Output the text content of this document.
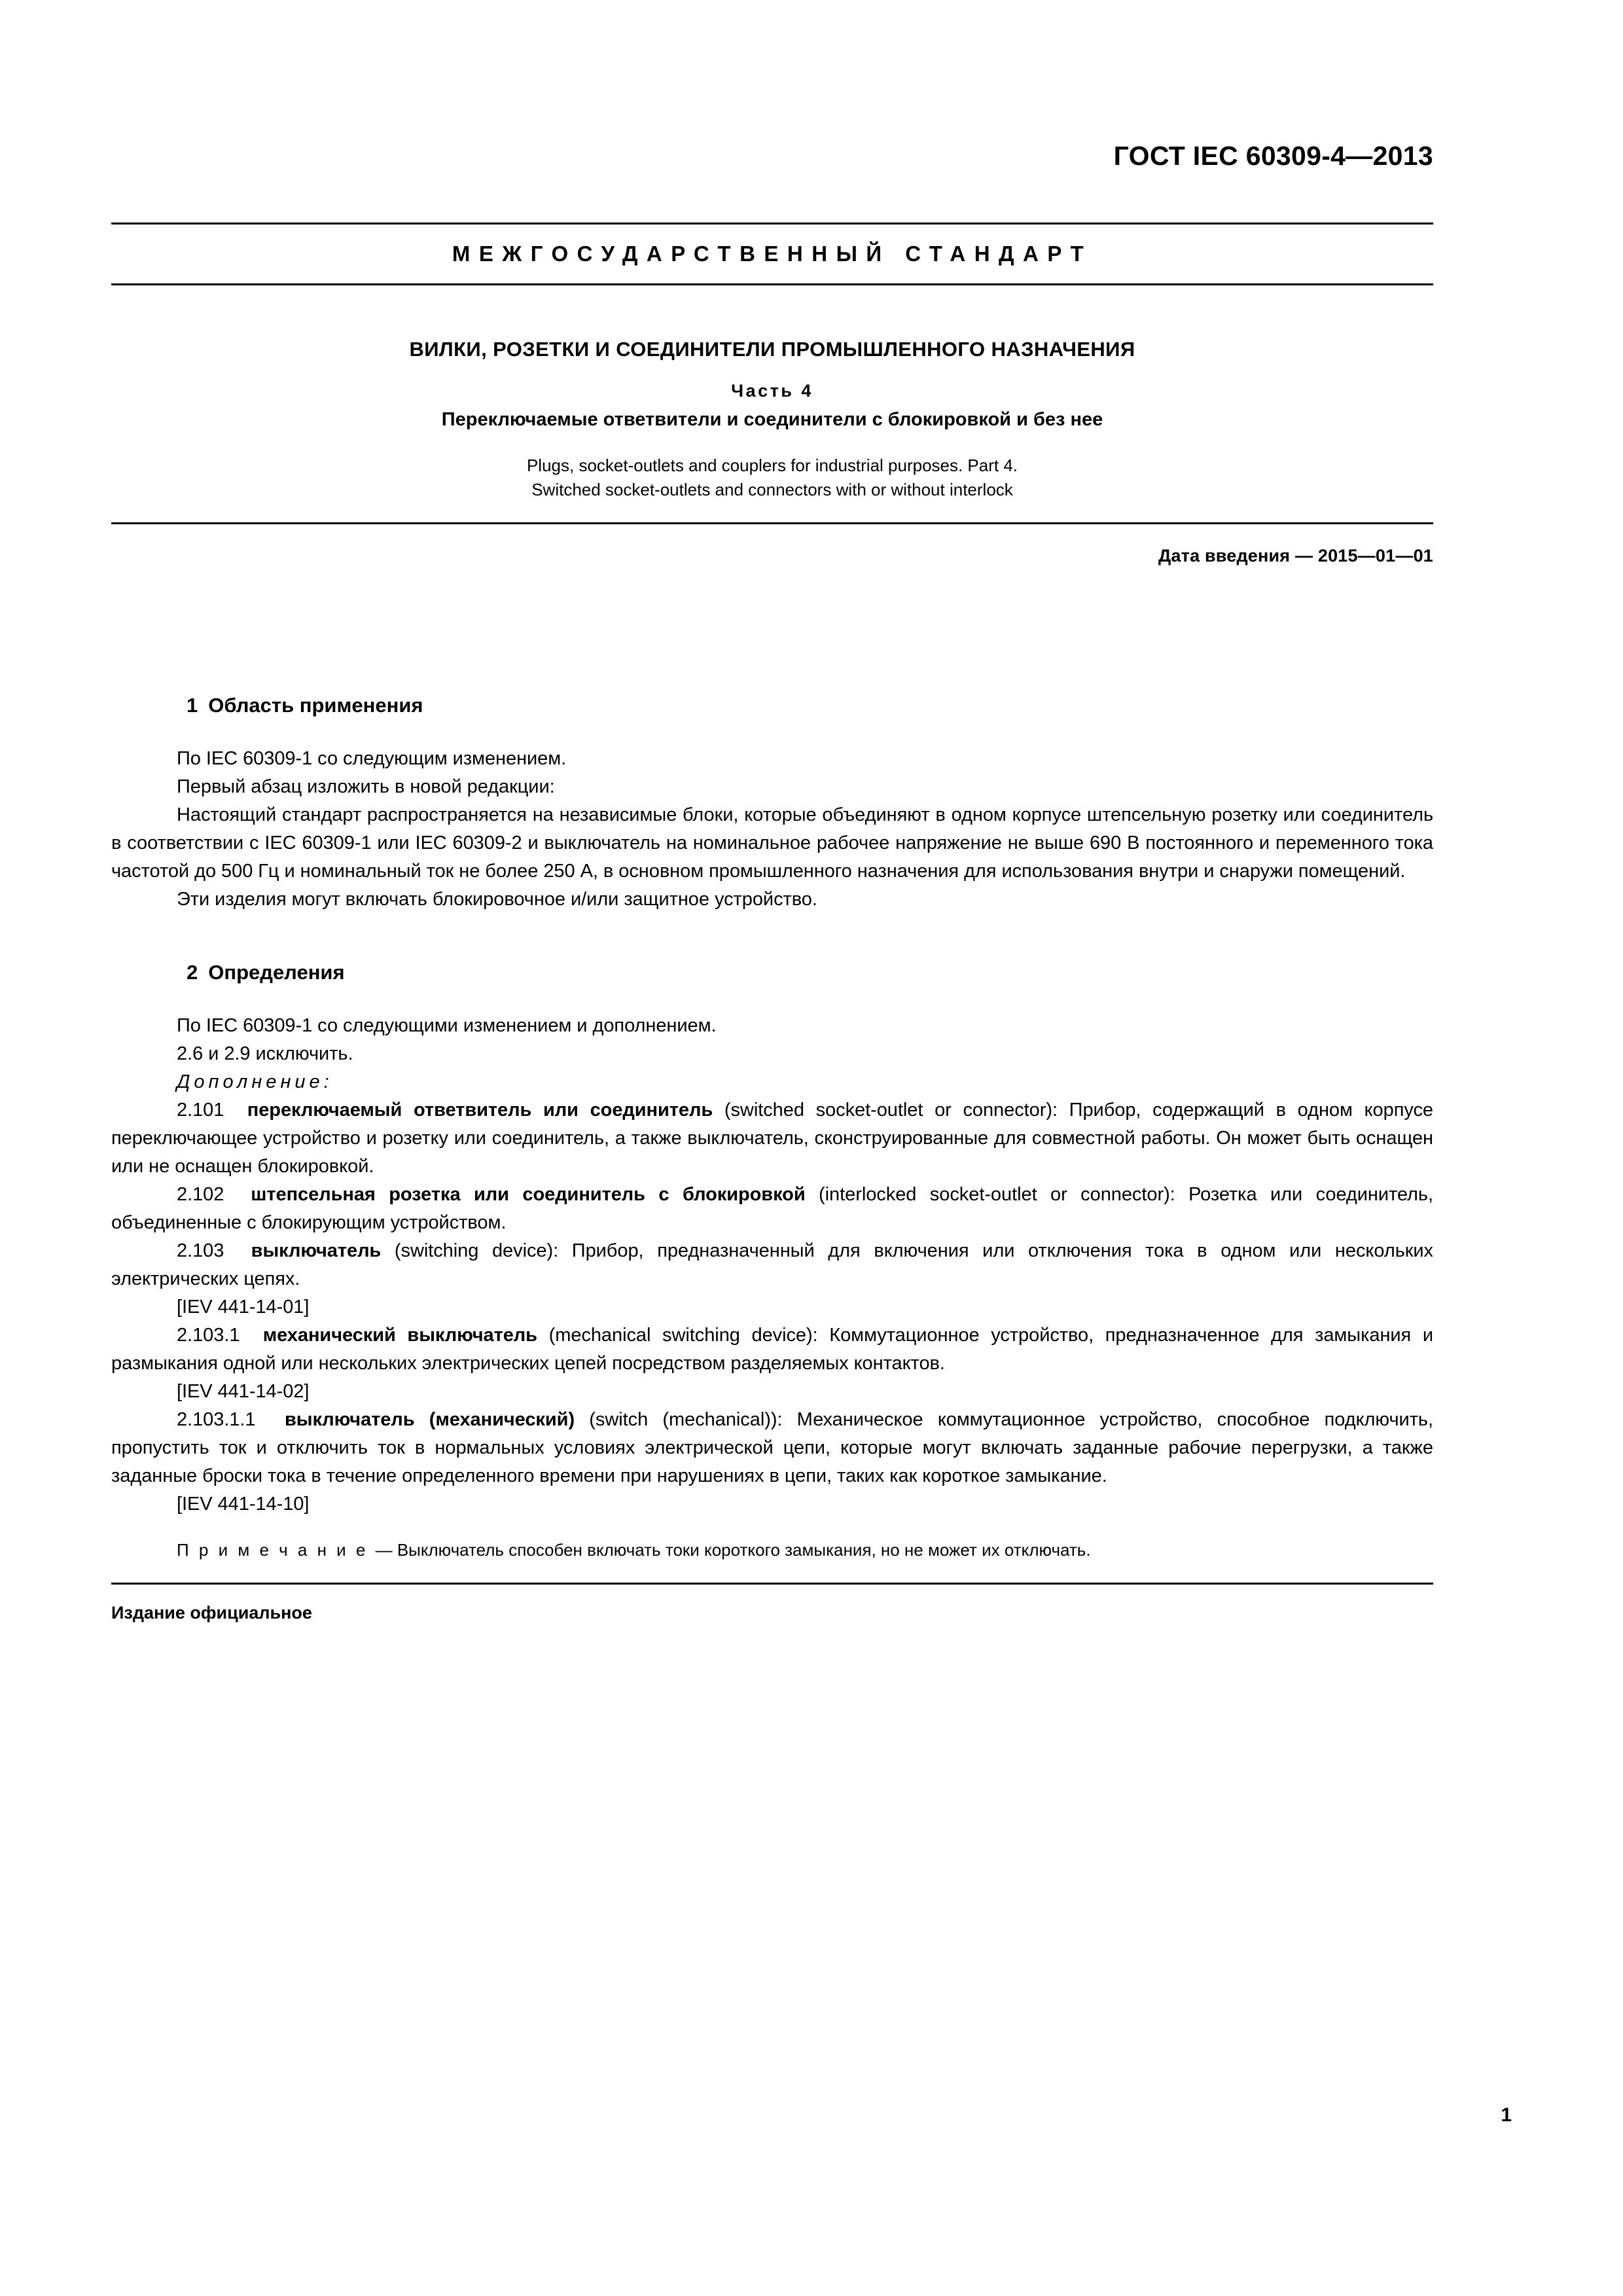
ГОСТ IEC 60309-4—2013
МЕЖГОСУДАРСТВЕННЫЙ СТАНДАРТ
ВИЛКИ, РОЗЕТКИ И СОЕДИНИТЕЛИ ПРОМЫШЛЕННОГО НАЗНАЧЕНИЯ
Часть 4
Переключаемые ответвители и соединители с блокировкой и без нее
Plugs, socket-outlets and couplers for industrial purposes. Part 4.
Switched socket-outlets and connectors with or without interlock
Дата введения — 2015—01—01
1 Область применения

По IEC 60309-1 со следующим изменением.

Первый абзац изложить в новой редакции:

Настоящий стандарт распространяется на независимые блоки, которые объединяют в одном корпусе штепсельную розетку или соединитель в соответствии с IEC 60309-1 или IEC 60309-2 и выключатель на номинальное рабочее напряжение не выше 690 В постоянного и переменного тока частотой до 500 Гц и номинальный ток не более 250 А, в основном промышленного назначения для использования внутри и снаружи помещений.

Эти изделия могут включать блокировочное и/или защитное устройство.

2 Определения

По IEC 60309-1 со следующими изменением и дополнением.

2.6 и 2.9 исключить.

Дополнение:

2.101 переключаемый ответвитель или соединитель (switched socket-outlet or connector): Прибор, содержащий в одном корпусе переключающее устройство и розетку или соединитель, а также выключатель, сконструированные для совместной работы. Он может быть оснащен или не оснащен блокировкой.

2.102 штепсельная розетка или соединитель с блокировкой (interlocked socket-outlet or connector): Розетка или соединитель, объединенные с блокирующим устройством.

2.103 выключатель (switching device): Прибор, предназначенный для включения или отключения тока в одном или нескольких электрических цепях.

[IEV 441-14-01]

2.103.1 механический выключатель (mechanical switching device): Коммутационное устройство, предназначенное для замыкания и размыкания одной или нескольких электрических цепей посредством разделяемых контактов.

[IEV 441-14-02]

2.103.1.1 выключатель (механический) (switch (mechanical)): Механическое коммутационное устройство, способное подключить, пропустить ток и отключить ток в нормальных условиях электрической цепи, которые могут включать заданные рабочие перегрузки, а также заданные броски тока в течение определенного времени при нарушениях в цепи, таких как короткое замыкание.

[IEV 441-14-10]

П р и м е ч а н и е — Выключатель способен включать токи короткого замыкания, но не может их отключать.

Издание официальное
1
